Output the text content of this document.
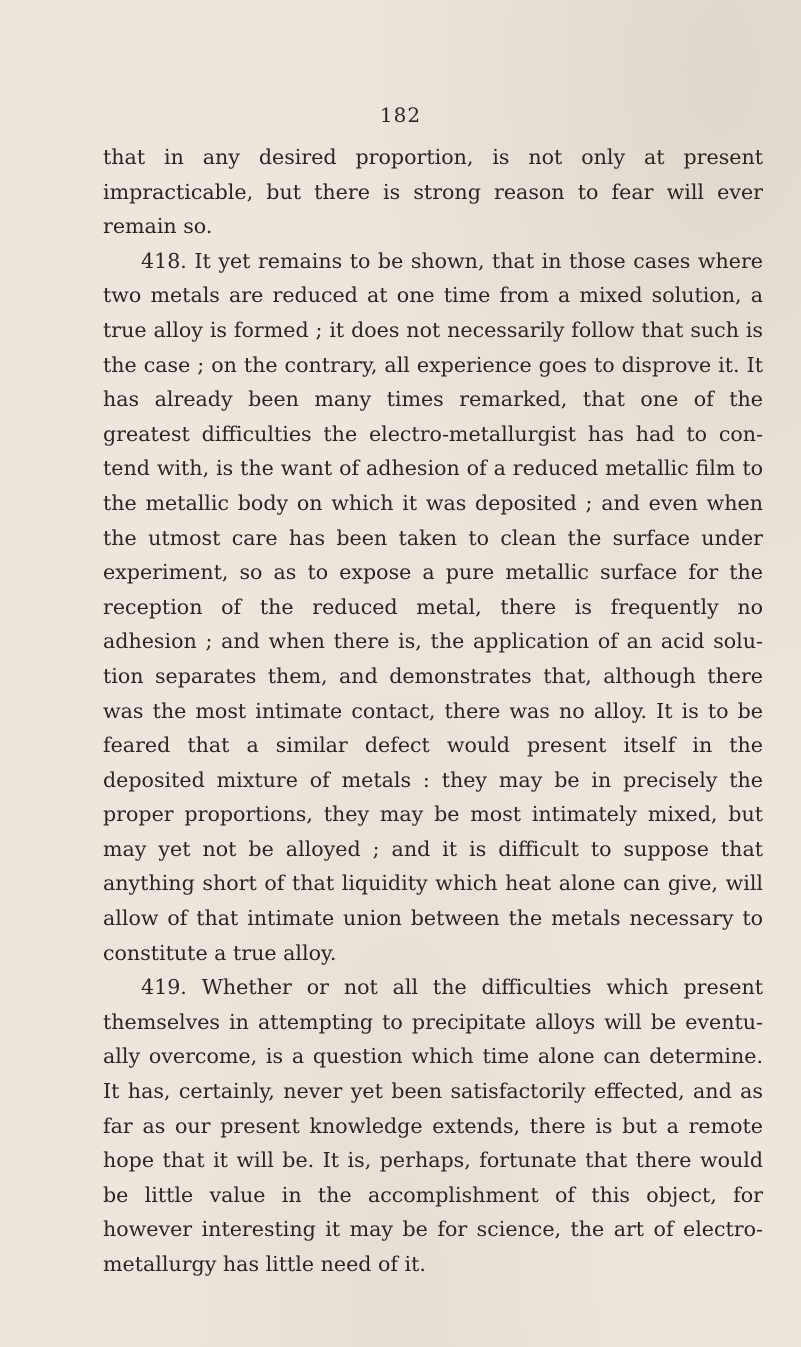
182

that in any desired proportion, is not only at present impracticable, but there is strong reason to fear will ever remain so.

418. It yet remains to be shown, that in those cases where two metals are reduced at one time from a mixed solution, a true alloy is formed ; it does not necessarily follow that such is the case ; on the contrary, all experience goes to disprove it. It has already been many times remarked, that one of the greatest difficulties the electro-metallurgist has had to contend with, is the want of adhesion of a reduced metallic film to the metallic body on which it was deposited ; and even when the utmost care has been taken to clean the surface under experiment, so as to expose a pure metallic surface for the reception of the reduced metal, there is frequently no adhesion ; and when there is, the application of an acid solution separates them, and demonstrates that, although there was the most intimate contact, there was no alloy. It is to be feared that a similar defect would present itself in the deposited mixture of metals : they may be in precisely the proper proportions, they may be most intimately mixed, but may yet not be alloyed ; and it is difficult to suppose that anything short of that liquidity which heat alone can give, will allow of that intimate union between the metals necessary to constitute a true alloy.

419. Whether or not all the difficulties which present themselves in attempting to precipitate alloys will be eventually overcome, is a question which time alone can determine. It has, certainly, never yet been satisfactorily effected, and as far as our present knowledge extends, there is but a remote hope that it will be. It is, perhaps, fortunate that there would be little value in the accomplishment of this object, for however interesting it may be for science, the art of electro-metallurgy has little need of it.
